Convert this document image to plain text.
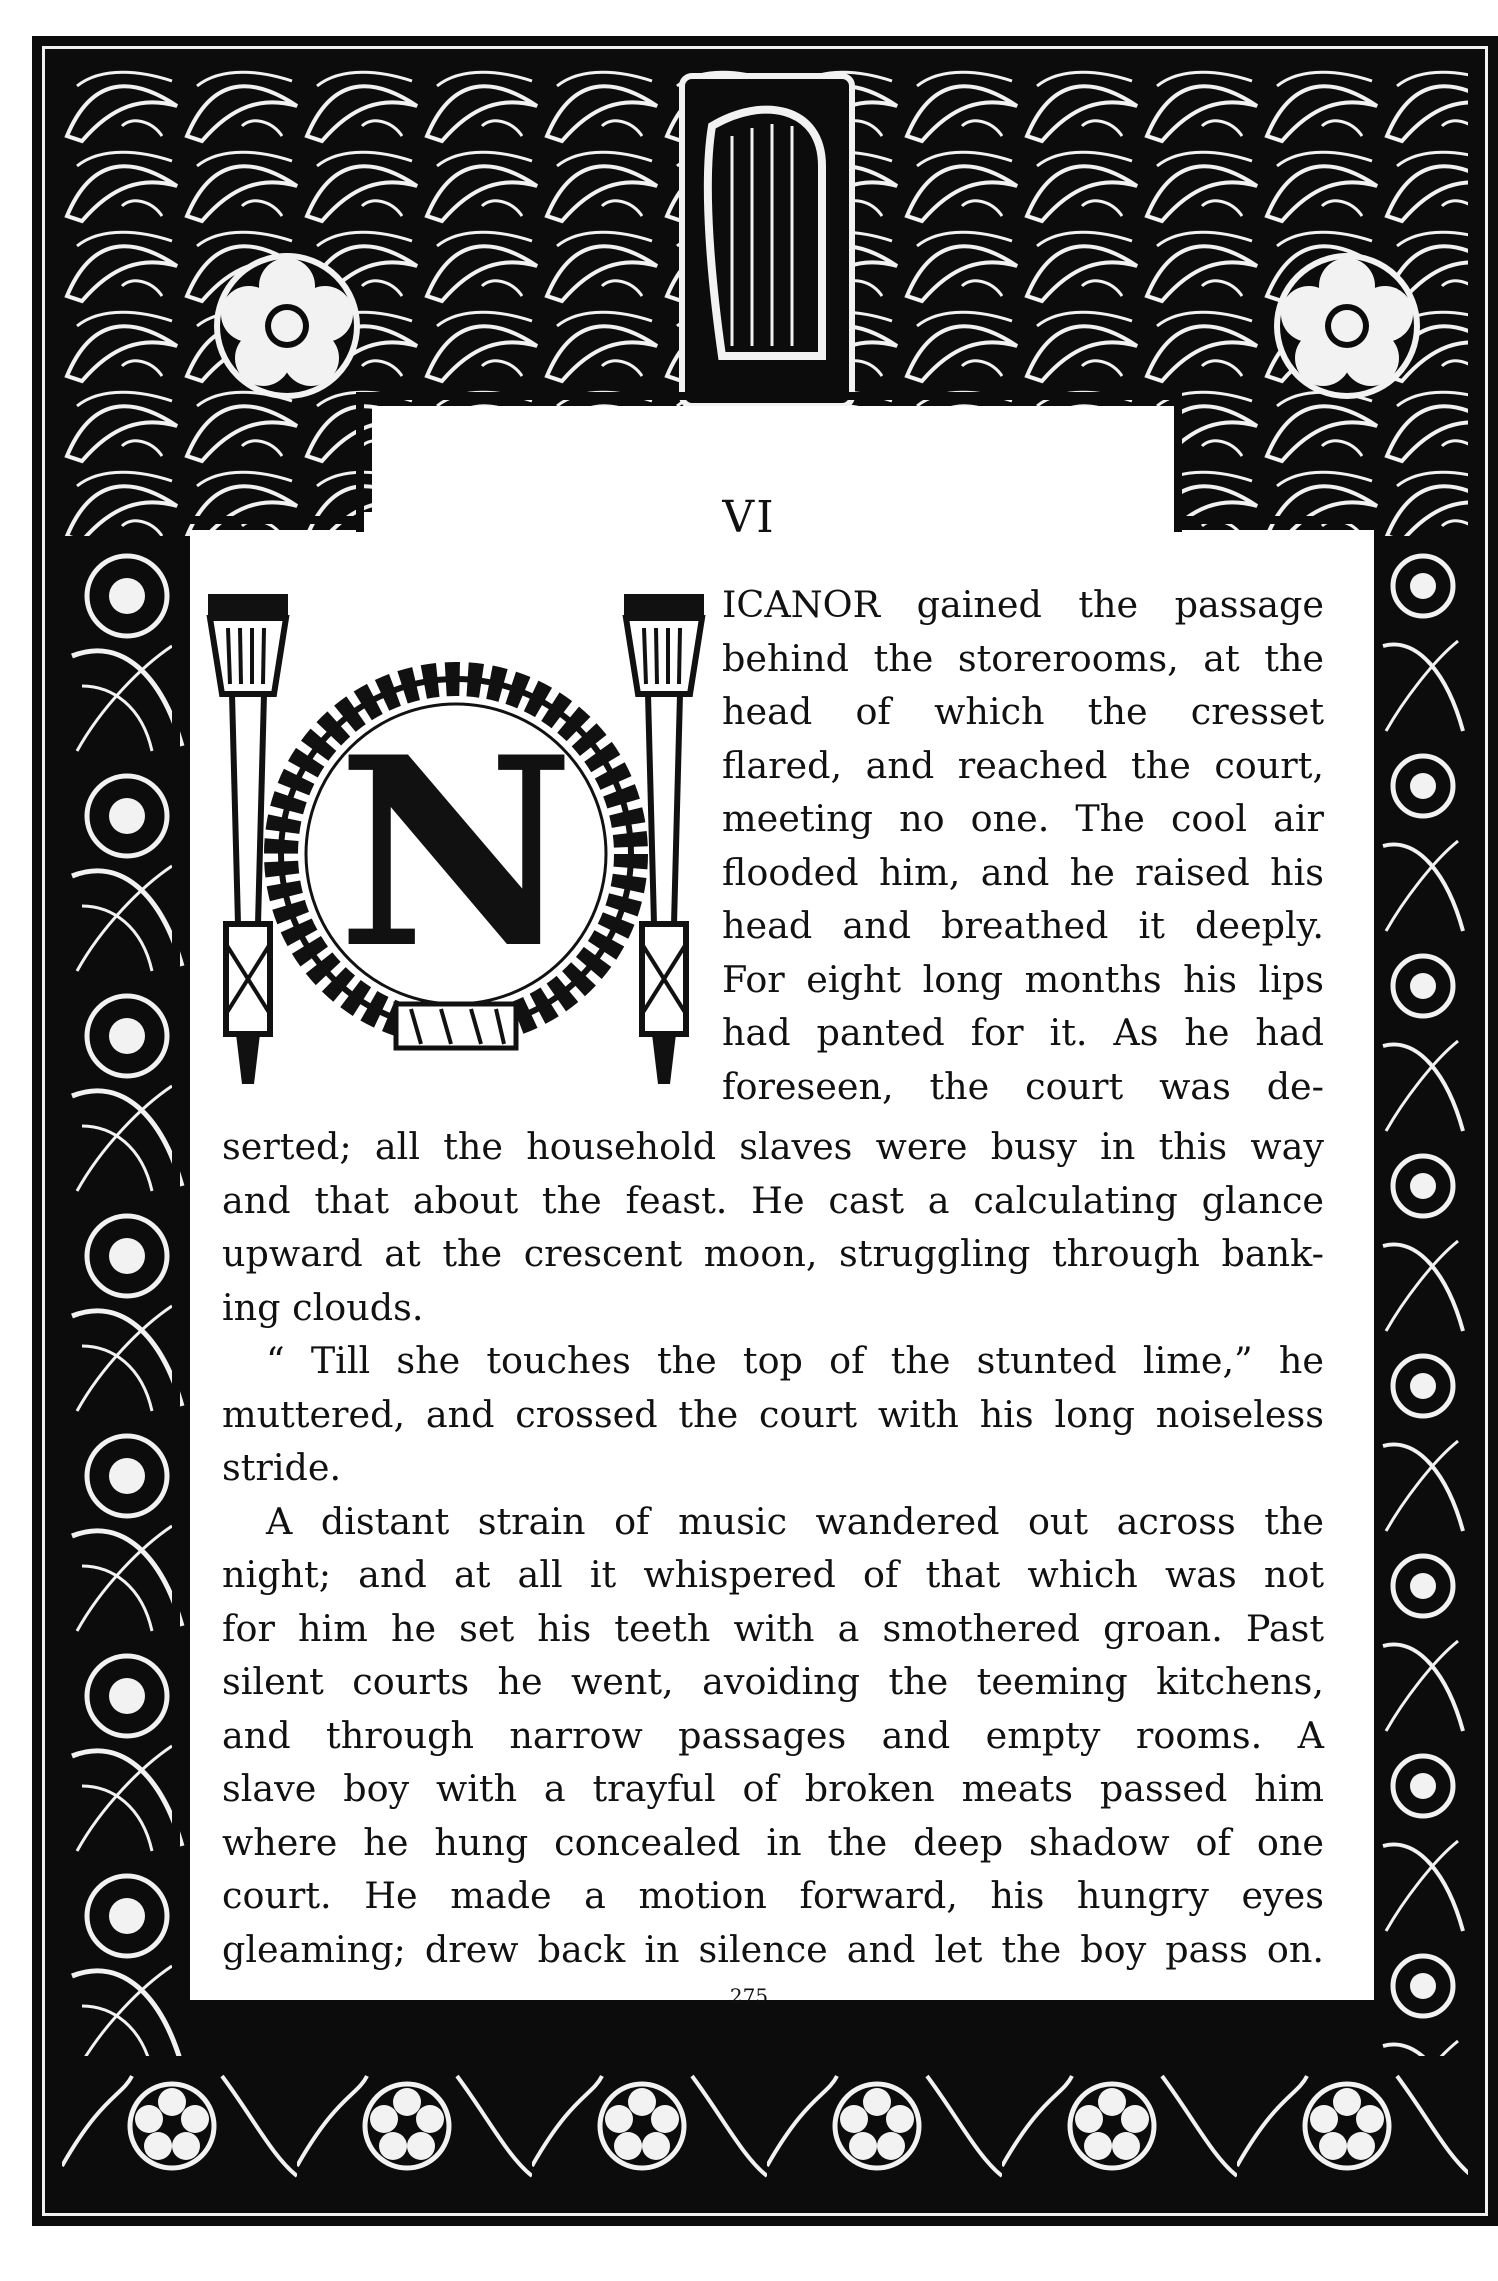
VI
N
ICANOR gained the passage
behind the storerooms, at the
head of which the cresset
flared, and reached the court,
meeting no one. The cool air
flooded him, and he raised his
head and breathed it deeply.
For eight long months his lips
had panted for it. As he had
foreseen, the court was de-
serted; all the household slaves were busy in this way
and that about the feast. He cast a calculating glance
upward at the crescent moon, struggling through bank-
ing clouds.
“ Till she touches the top of the stunted lime,” he
muttered, and crossed the court with his long noiseless
stride.
A distant strain of music wandered out across the
night; and at all it whispered of that which was not
for him he set his teeth with a smothered groan. Past
silent courts he went, avoiding the teeming kitchens,
and through narrow passages and empty rooms. A
slave boy with a trayful of broken meats passed him
where he hung concealed in the deep shadow of one
court. He made a motion forward, his hungry eyes
gleaming; drew back in silence and let the boy pass on.
275
